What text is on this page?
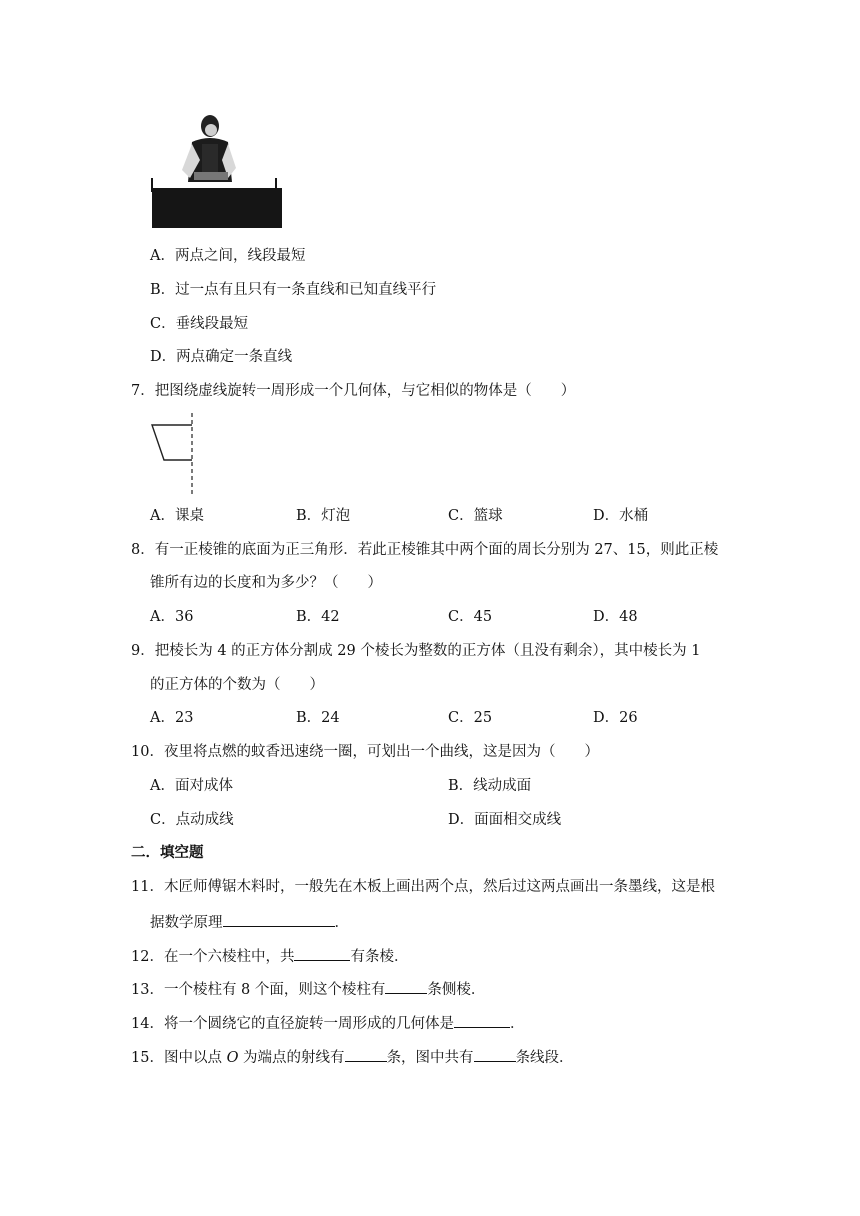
A．两点之间，线段最短
B．过一点有且只有一条直线和已知直线平行
C．垂线段最短
D．两点确定一条直线
7．把图绕虚线旋转一周形成一个几何体，与它相似的物体是（　　）
A．课桌	B．灯泡	C．篮球	D．水桶
8．有一正棱锥的底面为正三角形．若此正棱锥其中两个面的周长分别为 27、15，则此正棱
锥所有边的长度和为多少？（　　）
A．36	B．42	C．45	D．48
9．把棱长为 4 的正方体分割成 29 个棱长为整数的正方体（且没有剩余），其中棱长为 1
的正方体的个数为（　　）
A．23	B．24	C．25	D．26
10．夜里将点燃的蚊香迅速绕一圈，可划出一个曲线，这是因为（　　）
A．面对成体	B．线动成面
C．点动成线	D．面面相交成线
二．填空题
11．木匠师傅锯木料时，一般先在木板上画出两个点，然后过这两点画出一条墨线，这是根
据数学原理	．
12．在一个六棱柱中，共	有条棱．
13．一个棱柱有 8 个面，则这个棱柱有	条侧棱．
14．将一个圆绕它的直径旋转一周形成的几何体是	．
15．图中以点 O 为端点的射线有	条，图中共有	条线段．
